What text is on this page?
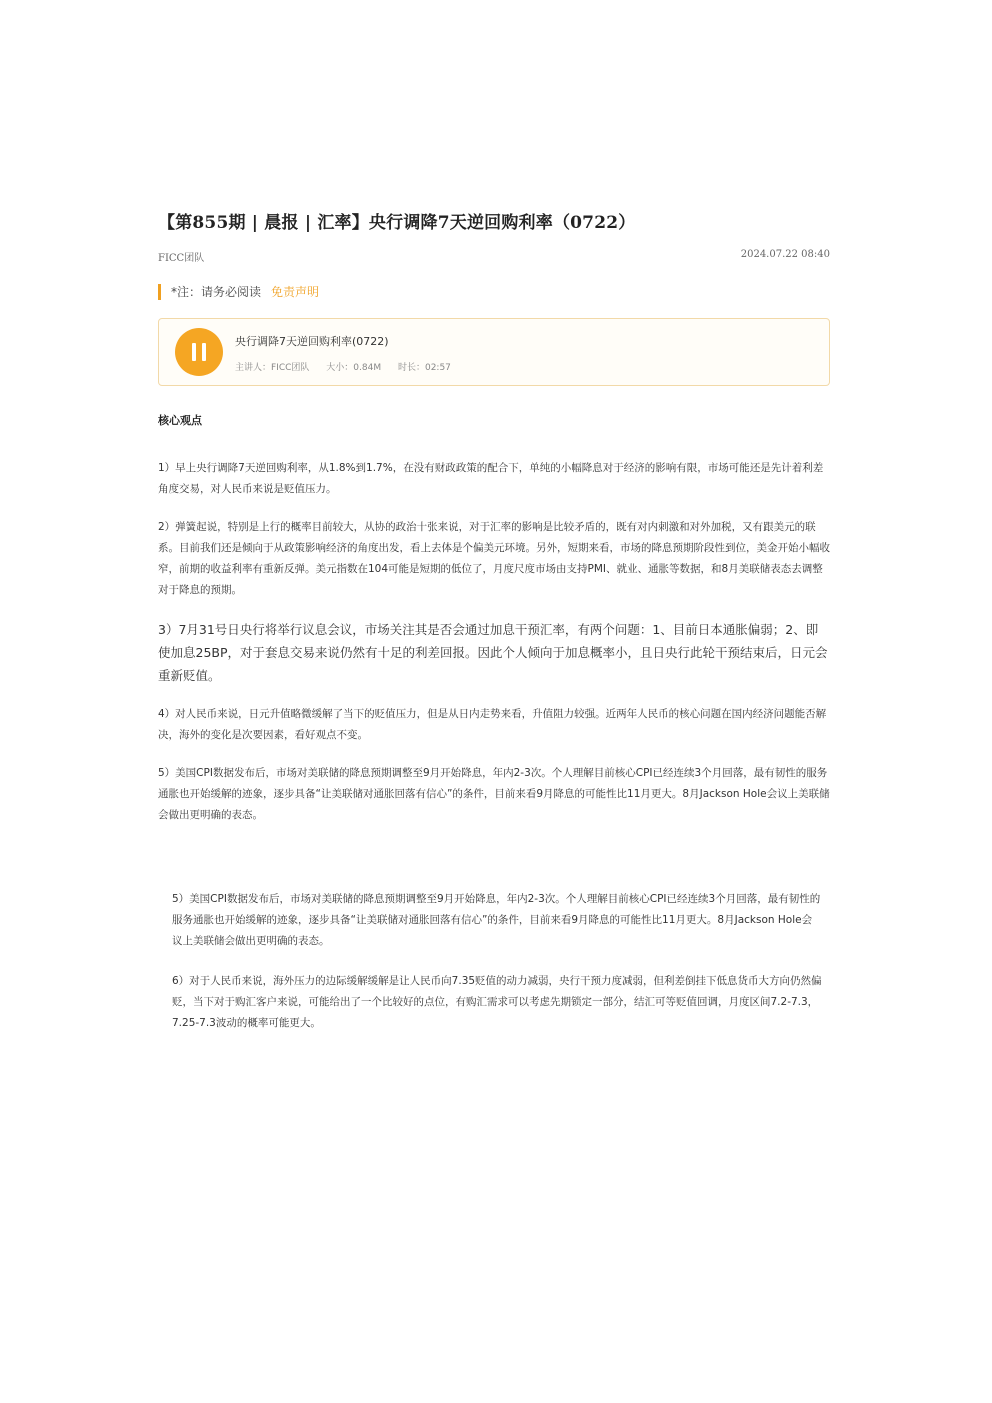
【第855期 | 晨报 | 汇率】央行调降7天逆回购利率（0722）
FICC团队	2024.07.22 08:40
*注：请务必阅读 免责声明
央行调降7天逆回购利率(0722)
主讲人：FICC团队 大小：0.84M 时长：02:57
核心观点

1）早上央行调降7天逆回购利率，从1.8%到1.7%，在没有财政政策的配合下，单纯的小幅降息对于经济的影响有限，市场可能还是先计着利差角度交易，对人民币来说是贬值压力。

2）弹簧起说，特别是上行的概率目前较大，从协的政治十张来说，对于汇率的影响是比较矛盾的，既有对内刺激和对外加税，又有跟美元的联系。目前我们还是倾向于从政策影响经济的角度出发，看上去体是个偏美元环境。另外，短期来看，市场的降息预期阶段性到位，美金开始小幅收窄，前期的收益利率有重新反弹。美元指数在104可能是短期的低位了，月度尺度市场由支持PMI、就业、通胀等数据，和8月美联储表态去调整对于降息的预期。

3）7月31号日央行将举行议息会议，市场关注其是否会通过加息干预汇率，有两个问题：1、目前日本通胀偏弱；2、即使加息25BP，对于套息交易来说仍然有十足的利差回报。因此个人倾向于加息概率小，且日央行此轮干预结束后，日元会重新贬值。

4）对人民币来说，日元升值略微缓解了当下的贬值压力，但是从日内走势来看，升值阻力较强。近两年人民币的核心问题在国内经济问题能否解决，海外的变化是次要因素，看好观点不变。

5）美国CPI数据发布后，市场对美联储的降息预期调整至9月开始降息，年内2-3次。个人理解目前核心CPI已经连续3个月回落，最有韧性的服务通胀也开始缓解的迹象，逐步具备“让美联储对通胀回落有信心”的条件，目前来看9月降息的可能性比11月更大。8月Jackson Hole会议上美联储会做出更明确的表态。

5）美国CPI数据发布后，市场对美联储的降息预期调整至9月开始降息，年内2-3次。个人理解目前核心CPI已经连续3个月回落，最有韧性的服务通胀也开始缓解的迹象，逐步具备“让美联储对通胀回落有信心”的条件，目前来看9月降息的可能性比11月更大。8月Jackson Hole会议上美联储会做出更明确的表态。

6）对于人民币来说，海外压力的边际缓解缓解是让人民币向7.35贬值的动力减弱，央行干预力度减弱，但利差倒挂下低息货币大方向仍然偏贬，当下对于购汇客户来说，可能给出了一个比较好的点位，有购汇需求可以考虑先期锁定一部分，结汇可等贬值回调，月度区间7.2-7.3，7.25-7.3波动的概率可能更大。
